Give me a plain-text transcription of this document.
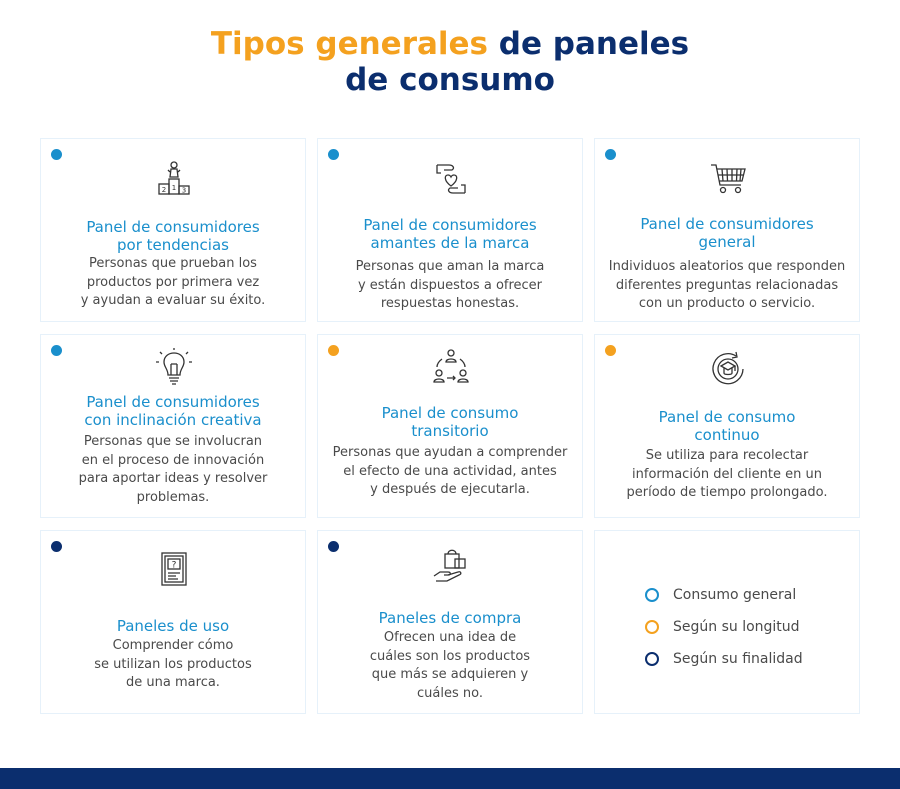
Tipos generales de paneles
de consumo
1
2 3
Panel de consumidores
por tendencias
Personas que prueban los
productos por primera vez
y ayudan a evaluar su éxito.
Panel de consumidores
amantes de la marca
Personas que aman la marca
y están dispuestos a ofrecer
respuestas honestas.
Panel de consumidores
general
Individuos aleatorios que responden
diferentes preguntas relacionadas
con un producto o servicio.
Panel de consumidores
con inclinación creativa
Personas que se involucran
en el proceso de innovación
para aportar ideas y resolver
problemas.
Panel de consumo
transitorio
Personas que ayudan a comprender
el efecto de una actividad, antes
y después de ejecutarla.
Panel de consumo
continuo
Se utiliza para recolectar
información del cliente en un
período de tiempo prolongado.
?
Paneles de uso
Comprender cómo
se utilizan los productos
de una marca.
Paneles de compra
Ofrecen una idea de
cuáles son los productos
que más se adquieren y
cuáles no.
Consumo general
Según su longitud
Según su finalidad
